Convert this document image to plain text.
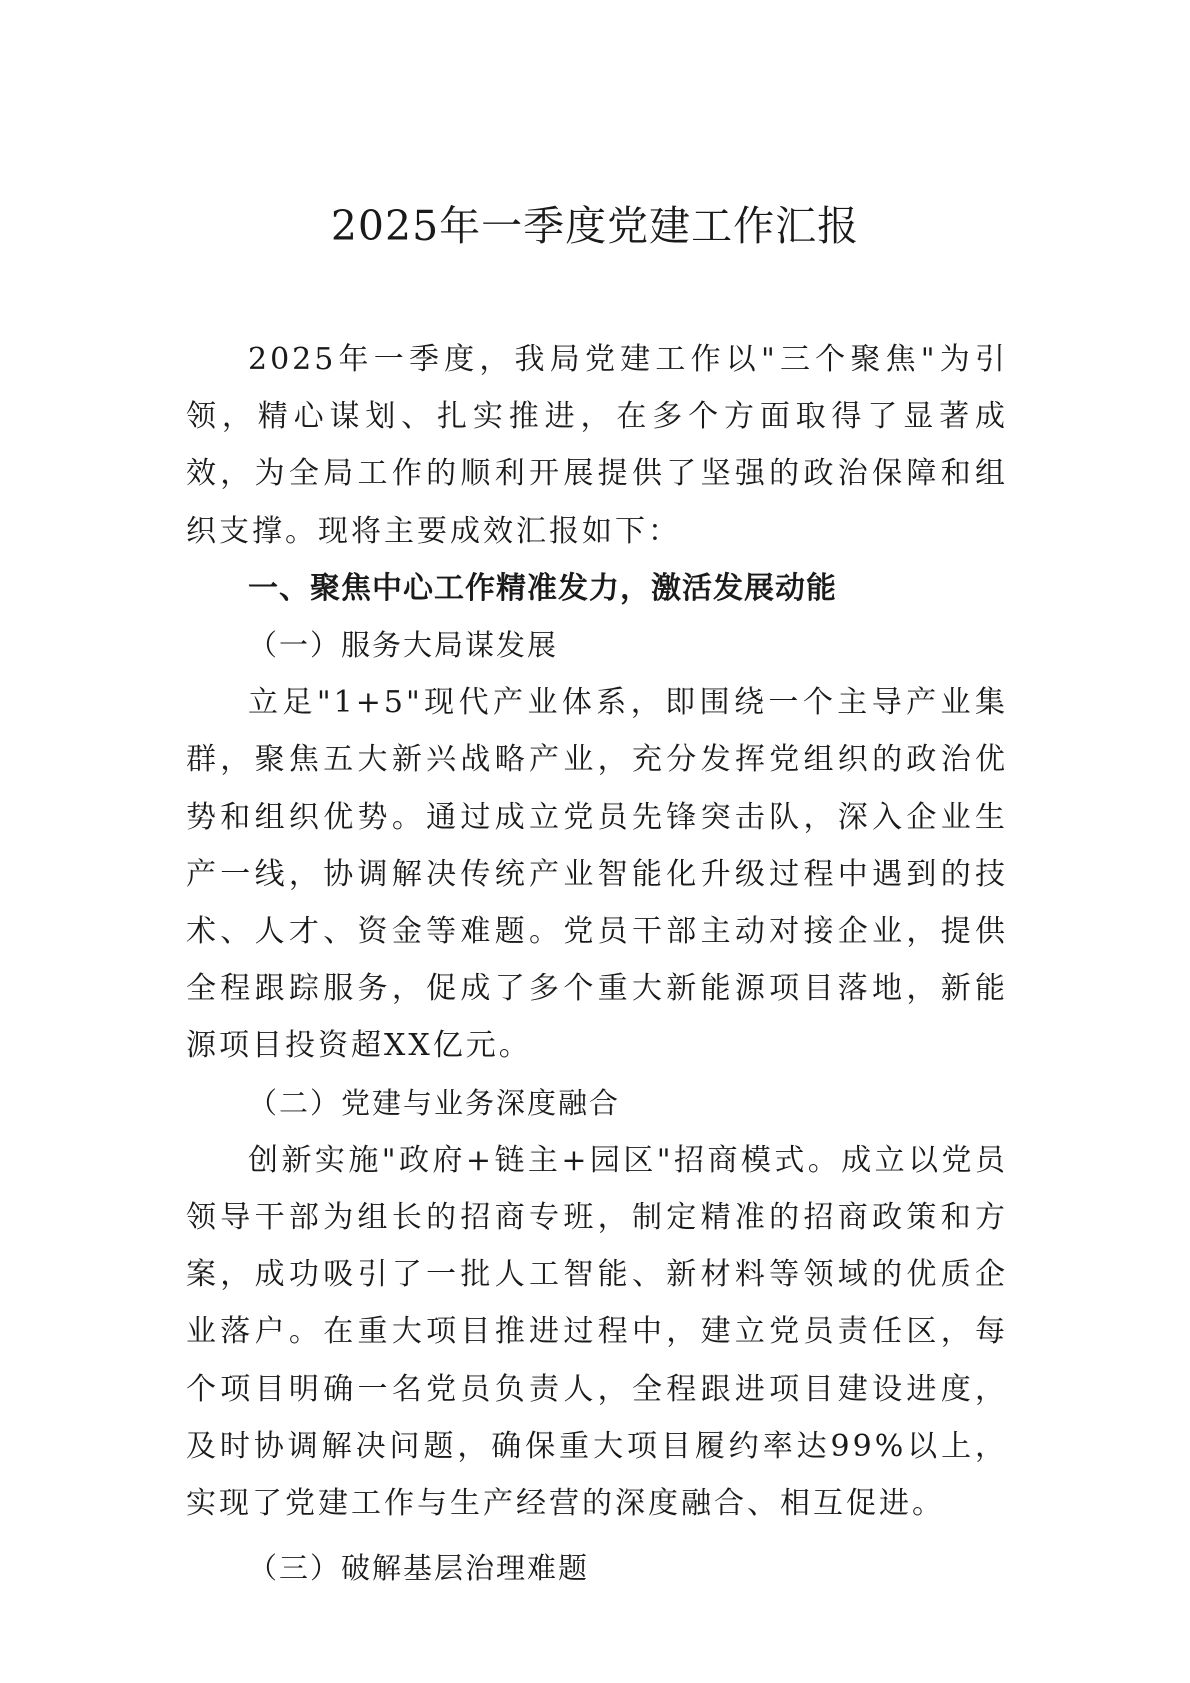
2025年一季度党建工作汇报

2025年一季度，我局党建工作以"三个聚焦"为引领，精心谋划、扎实推进，在多个方面取得了显著成效，为全局工作的顺利开展提供了坚强的政治保障和组织支撑。现将主要成效汇报如下：

一、聚焦中心工作精准发力，激活发展动能

（一）服务大局谋发展

立足"1+5"现代产业体系，即围绕一个主导产业集群，聚焦五大新兴战略产业，充分发挥党组织的政治优势和组织优势。通过成立党员先锋突击队，深入企业生产一线，协调解决传统产业智能化升级过程中遇到的技术、人才、资金等难题。党员干部主动对接企业，提供全程跟踪服务，促成了多个重大新能源项目落地，新能源项目投资超XX亿元。

（二）党建与业务深度融合

创新实施"政府+链主+园区"招商模式。成立以党员领导干部为组长的招商专班，制定精准的招商政策和方案，成功吸引了一批人工智能、新材料等领域的优质企业落户。在重大项目推进过程中，建立党员责任区，每个项目明确一名党员负责人，全程跟进项目建设进度，及时协调解决问题，确保重大项目履约率达99%以上，实现了党建工作与生产经营的深度融合、相互促进。

（三）破解基层治理难题
